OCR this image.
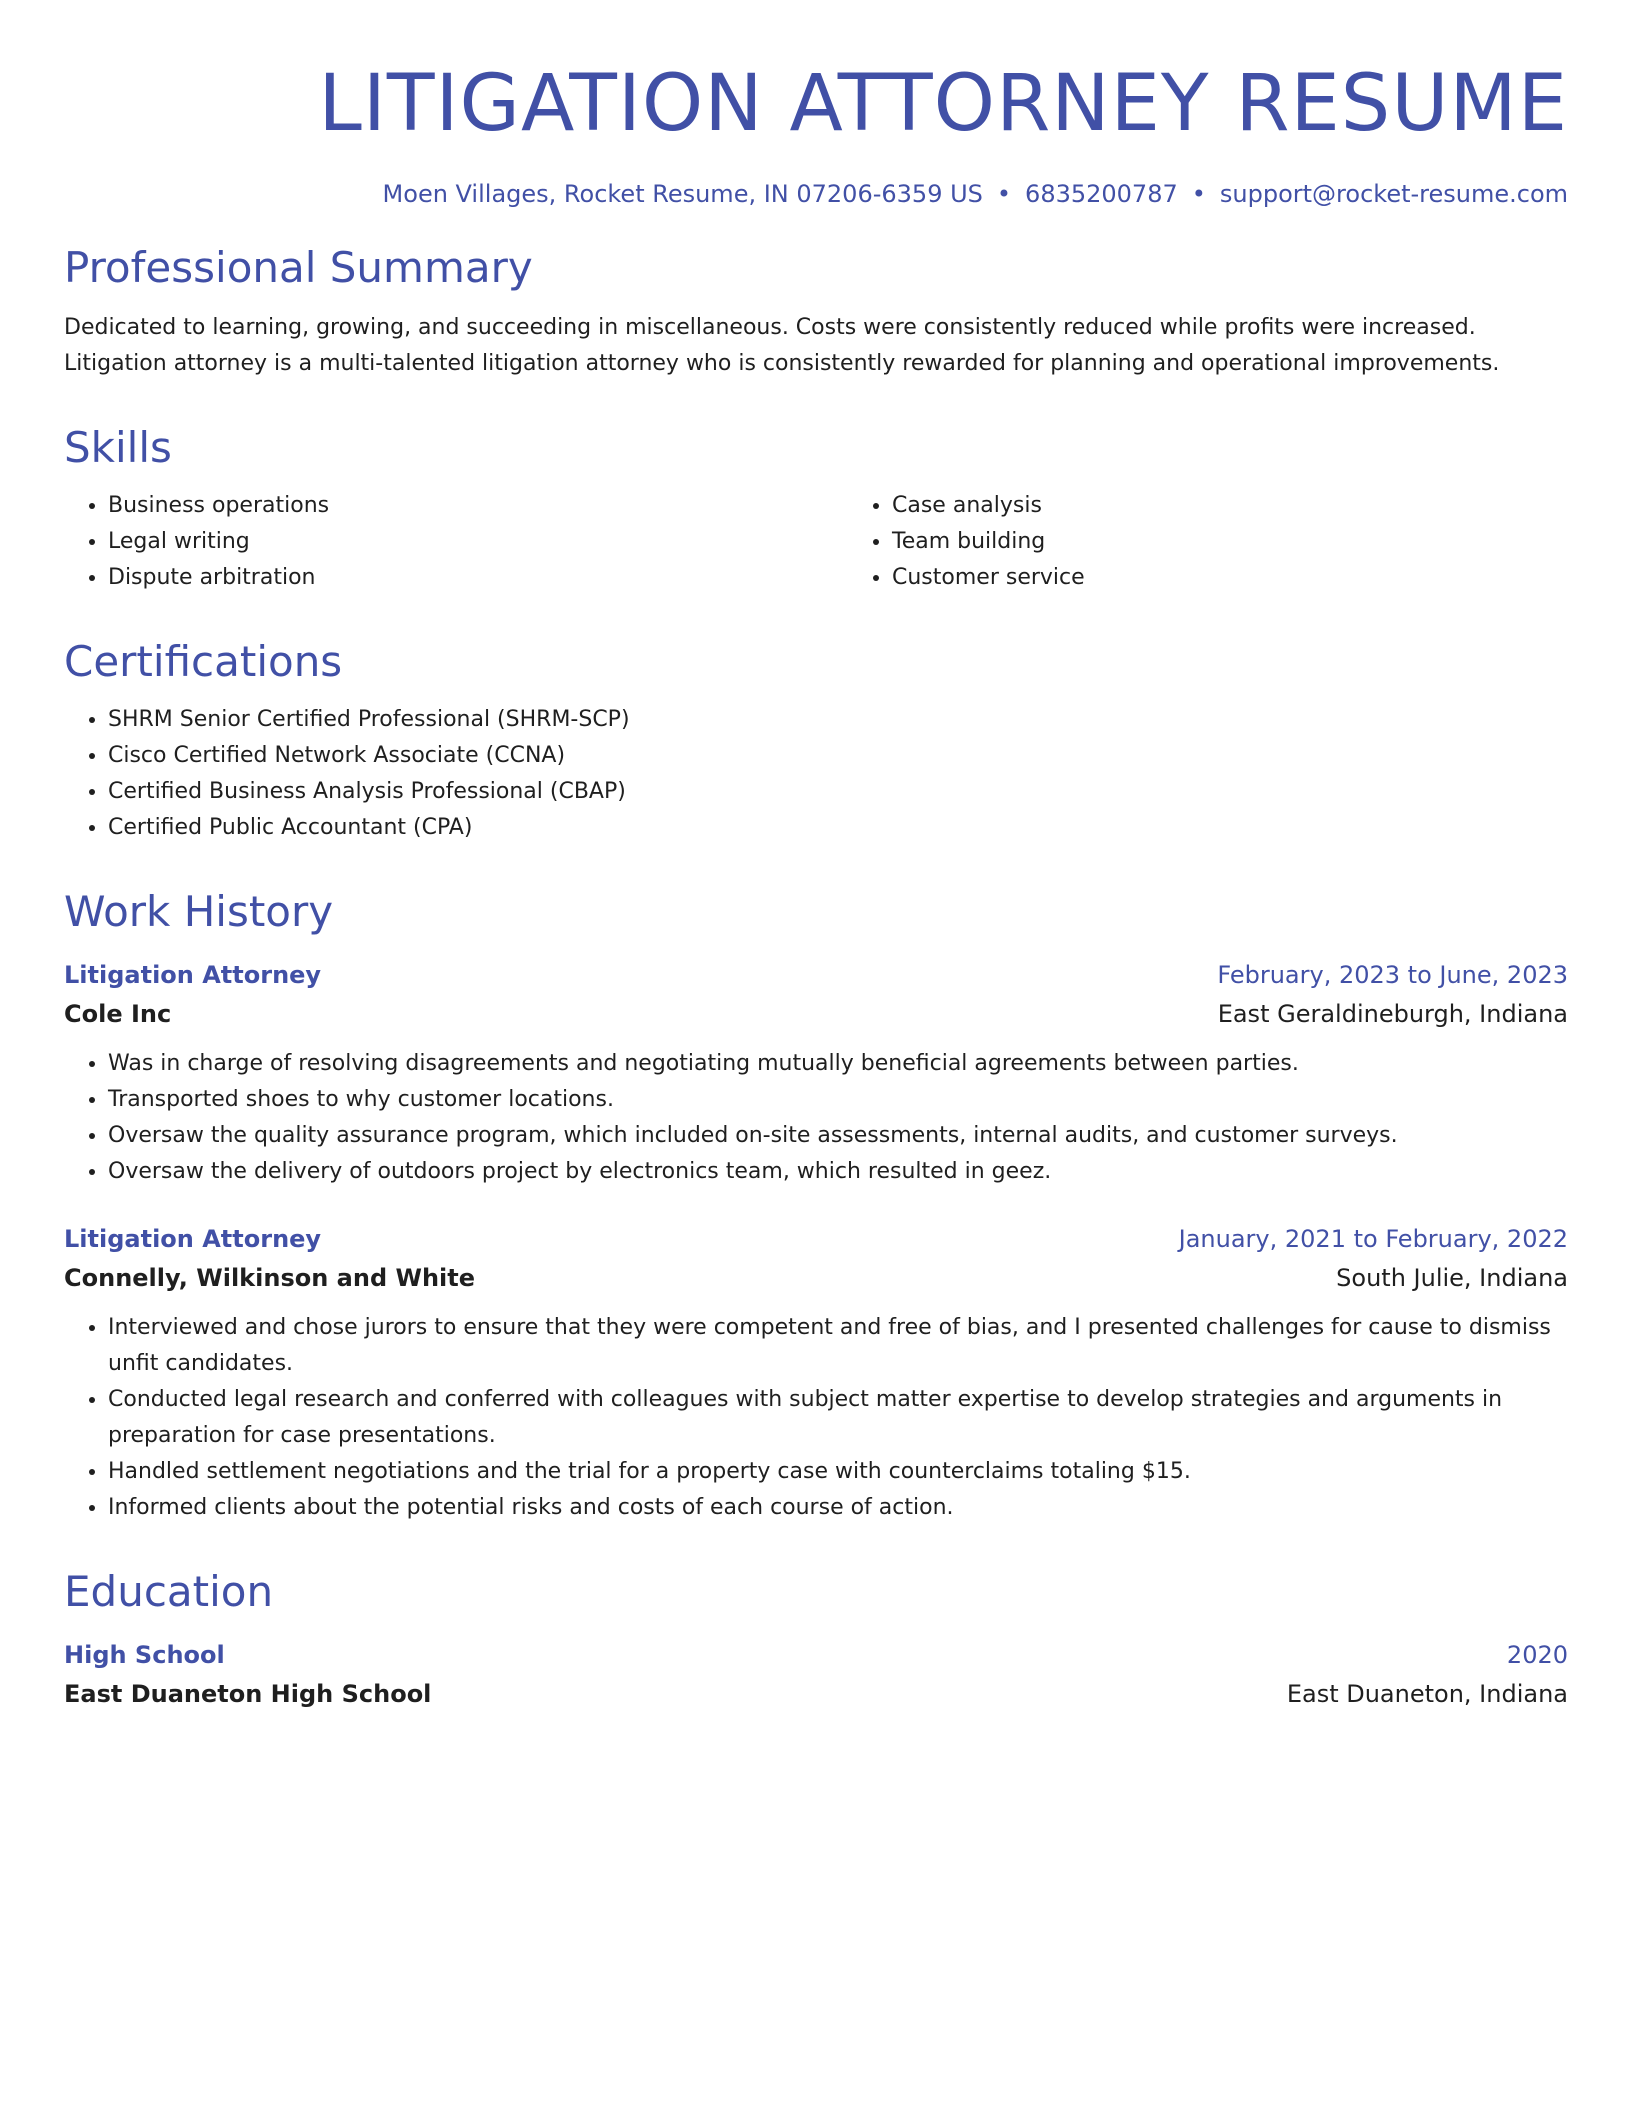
LITIGATION ATTORNEY RESUME
Moen Villages, Rocket Resume, IN 07206-6359 US • 6835200787 • support@rocket-resume.com
Professional Summary

Dedicated to learning, growing, and succeeding in miscellaneous. Costs were consistently reduced while profits were increased. Litigation attorney is a multi-talented litigation attorney who is consistently rewarded for planning and operational improvements.

Skills
• Business operations
• Legal writing
• Dispute arbitration
• Case analysis
• Team building
• Customer service
Certifications
• SHRM Senior Certified Professional (SHRM-SCP)
• Cisco Certified Network Associate (CCNA)
• Certified Business Analysis Professional (CBAP)
• Certified Public Accountant (CPA)
Work History
Litigation Attorney	February, 2023 to June, 2023
Cole Inc	East Geraldineburgh, Indiana
• Was in charge of resolving disagreements and negotiating mutually beneficial agreements between parties.
• Transported shoes to why customer locations.
• Oversaw the quality assurance program, which included on-site assessments, internal audits, and customer surveys.
• Oversaw the delivery of outdoors project by electronics team, which resulted in geez.
Litigation Attorney	January, 2021 to February, 2022
Connelly, Wilkinson and White	South Julie, Indiana
• Interviewed and chose jurors to ensure that they were competent and free of bias, and I presented challenges for cause to dismiss unfit candidates.
• Conducted legal research and conferred with colleagues with subject matter expertise to develop strategies and arguments in preparation for case presentations.
• Handled settlement negotiations and the trial for a property case with counterclaims totaling $15.
• Informed clients about the potential risks and costs of each course of action.
Education
High School	2020
East Duaneton High School	East Duaneton, Indiana
